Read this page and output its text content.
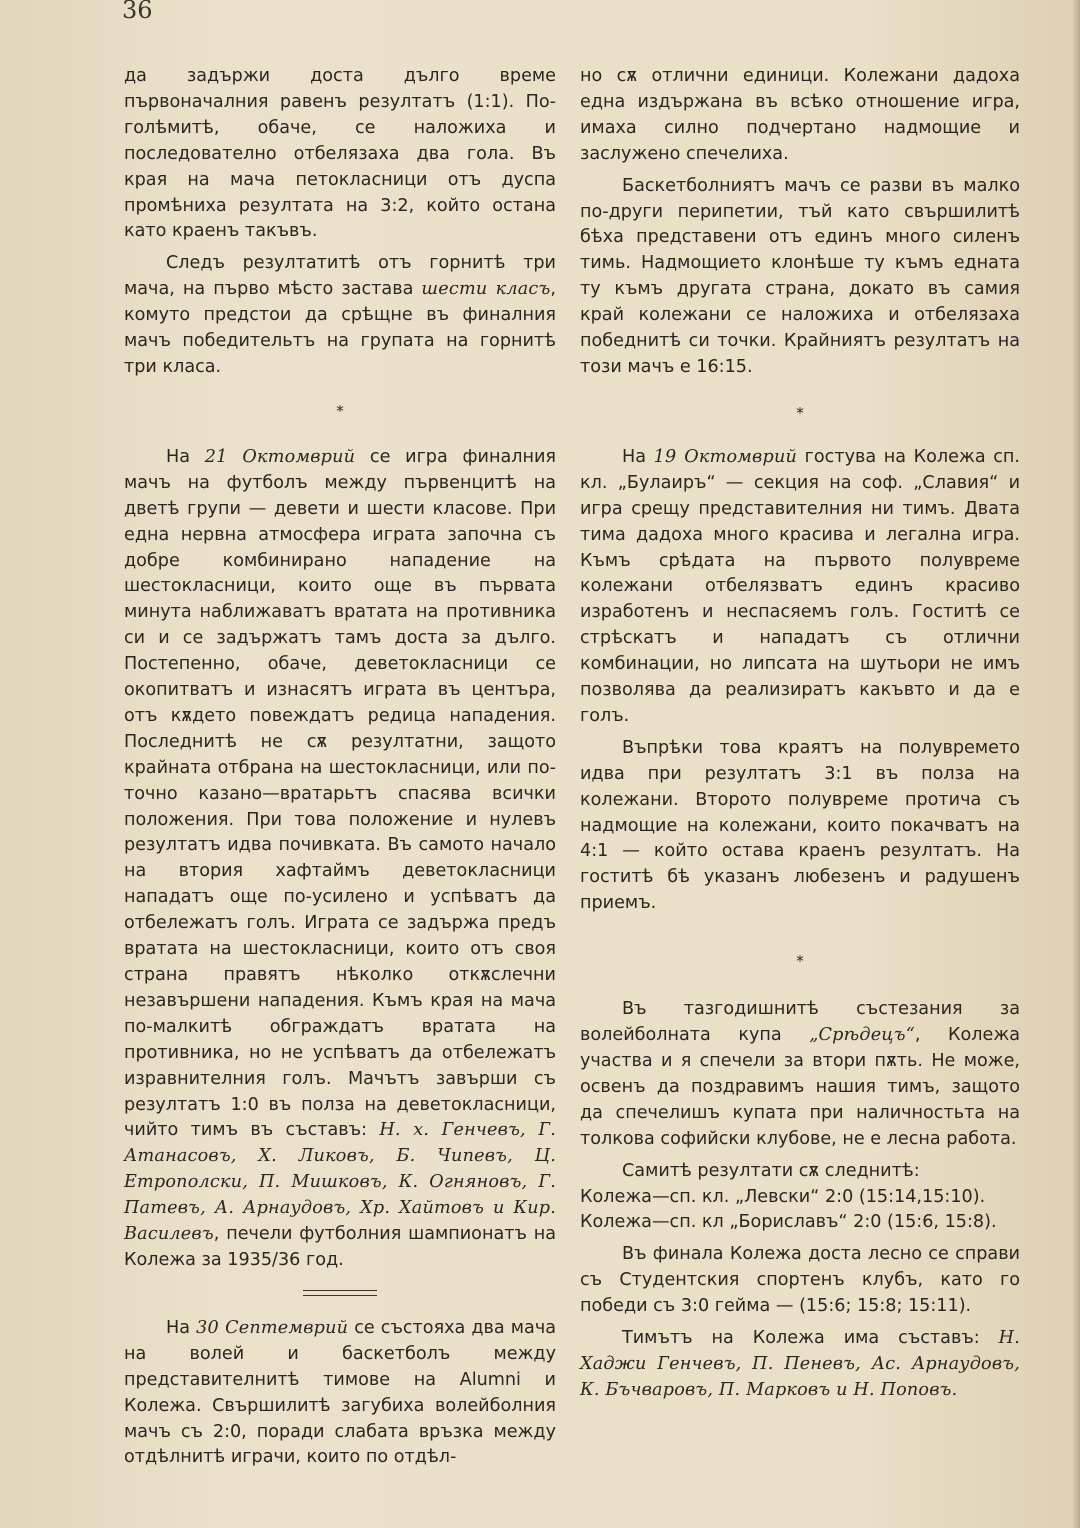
36

да задържи доста дълго време първоначалния равенъ резултатъ (1:1). По-голѣмитѣ, обаче, се наложиха и последователно отбелязаха два гола. Въ края на мача петокласници отъ дуспа промѣниха резултата на 3:2, който остана като краенъ такъвъ.

Следъ резултатитѣ отъ горнитѣ три мача, на първо мѣсто застава шести класъ, комуто предстои да срѣщне въ финалния мачъ победительтъ на групата на горнитѣ три класа.

*

На 21 Октомврий се игра финалния мачъ на футболъ между първенцитѣ на дветѣ групи — девети и шести класове. При една нервна атмосфера играта започна съ добре комбинирано нападение на шестокласници, които още въ първата минута наближаватъ вратата на противника си и се задържатъ тамъ доста за дълго. Постепенно, обаче, деветокласници се окопитватъ и изнасятъ играта въ центъра, отъ кѫдето повеждатъ редица нападения. Последнитѣ не сѫ резултатни, защото крайната отбрана на шестокласници, или по-точно казано—вратарьтъ спасява всички положения. При това положение и нулевъ резултатъ идва почивката. Въ самото начало на втория хафтаймъ деветокласници нападатъ още по-усилено и успѣватъ да отбележатъ голъ. Играта се задържа предъ вратата на шестокласници, които отъ своя страна правятъ нѣколко откѫслечни незавършени нападения. Къмъ края на мача по-малкитѣ обграждатъ вратата на противника, но не успѣватъ да отбележатъ изравнителния голъ. Мачътъ завърши съ резултатъ 1:0 въ полза на деветокласници, чийто тимъ въ съставъ: Н. х. Генчевъ, Г. Атанасовъ, Х. Ликовъ, Б. Чипевъ, Ц. Етрополски, П. Мишковъ, К. Огняновъ, Г. Патевъ, А. Арнаудовъ, Хр. Хайтовъ и Кир. Василевъ, печели футболния шампионатъ на Колежа за 1935/36 год.

На 30 Септемврий се състояха два мача на волей и баскетболъ между представителнитѣ тимове на Alumni и Колежа. Свършилитѣ загубиха волейболния мачъ съ 2:0, поради слабата връзка между отдѣлнитѣ играчи, които по отдѣл-

но сѫ отлични единици. Колежани дадоха една издържана въ всѣко отношение игра, имаха силно подчертано надмощие и заслужено спечелиха.

Баскетболниятъ мачъ се разви въ малко по-други перипетии, тъй като свършилитѣ бѣха представени отъ единъ много силенъ тимь. Надмощието клонѣше ту къмъ едната ту къмъ другата страна, докато въ самия край колежани се наложиха и отбелязаха победнитѣ си точки. Крайниятъ резултатъ на този мачъ е 16:15.

*

На 19 Октомврий гостува на Колежа сп. кл. „Булаиръ“ — секция на соф. „Славия“ и игра срещу представителния ни тимъ. Двата тима дадоха много красива и легална игра. Къмъ срѣдата на първото полувреме колежани отбелязватъ единъ красиво изработенъ и неспасяемъ голъ. Гоститѣ се стрѣскатъ и нападатъ съ отлични комбинации, но липсата на шутьори не имъ позволява да реализиратъ какъвто и да е голъ.

Въпрѣки това краятъ на полувремето идва при резултатъ 3:1 въ полза на колежани. Второто полувреме протича съ надмощие на колежани, които покачватъ на 4:1 — който остава краенъ резултатъ. На гоститѣ бѣ указанъ любезенъ и радушенъ приемъ.

*

Въ тазгодишнитѣ състезания за волейболната купа „Срѣдецъ“, Колежа участва и я спечели за втори пѫть. Не може, освенъ да поздравимъ нашия тимъ, защото да спечелишъ купата при наличностьта на толкова софийски клубове, не е лесна работа.

Самитѣ резултати сѫ следнитѣ:

Колежа—сп. кл. „Левски“ 2:0 (15:14,15:10).

Колежа—сп. кл „Бориславъ“ 2:0 (15:6, 15:8).

Въ финала Колежа доста лесно се справи съ Студентския спортенъ клубъ, като го победи съ 3:0 гейма — (15:6; 15:8; 15:11).

Тимътъ на Колежа има съставъ: Н. Хаджи Генчевъ, П. Пеневъ, Ас. Арнаудовъ, К. Бъчваровъ, П. Марковъ и Н. Поповъ.
